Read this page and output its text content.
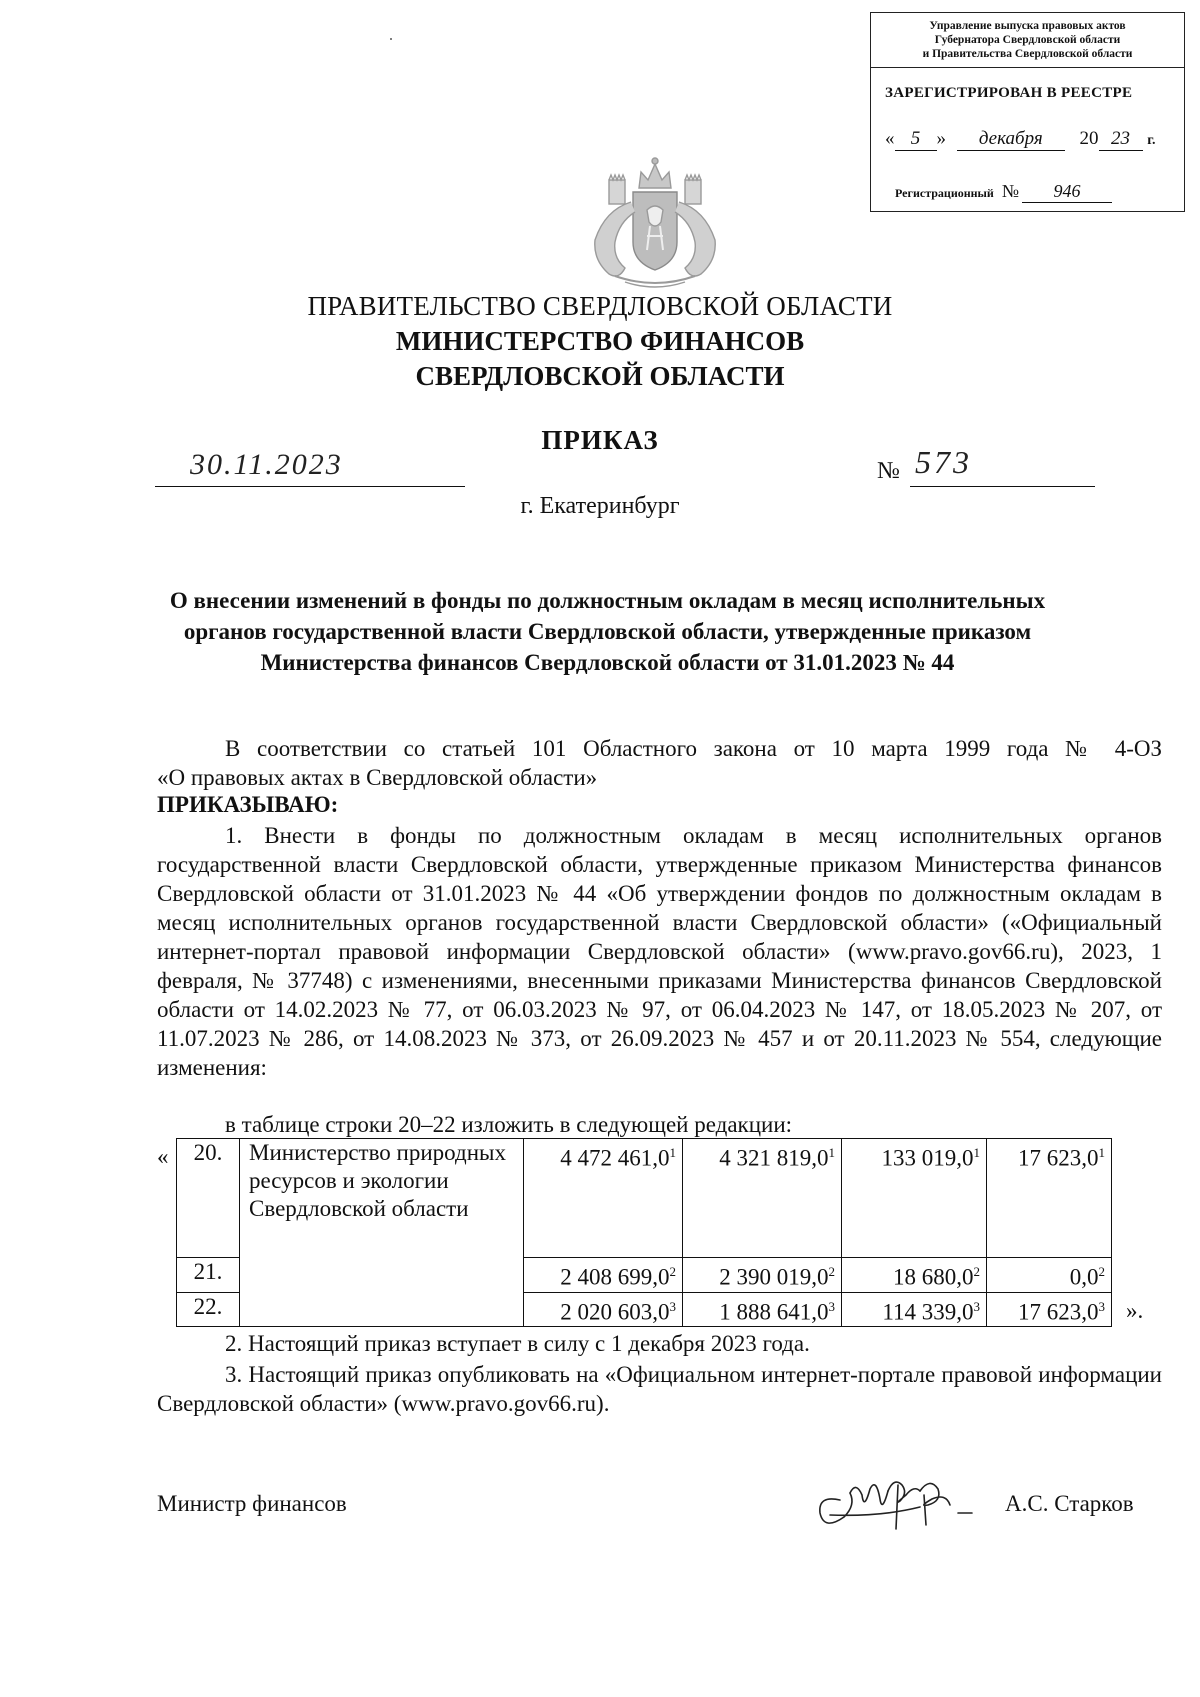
Управление выпуска правовых актов
Губернатора Свердловской области
и Правительства Свердловской области
ЗАРЕГИСТРИРОВАН В РЕЕСТРЕ
« 5 » декабря 20 23 г.
Регистрационный № 946
ПРАВИТЕЛЬСТВО СВЕРДЛОВСКОЙ ОБЛАСТИ
МИНИСТЕРСТВО ФИНАНСОВ
СВЕРДЛОВСКОЙ ОБЛАСТИ
ПРИКАЗ
30.11.2023	№ 573
г. Екатеринбург
О внесении изменений в фонды по должностным окладам в месяц исполнительных органов государственной власти Свердловской области, утвержденные приказом Министерства финансов Свердловской области от 31.01.2023 № 44

В соответствии со статьей 101 Областного закона от 10 марта 1999 года № 4-ОЗ

«О правовых актах в Свердловской области»

ПРИКАЗЫВАЮ:

1. Внести в фонды по должностным окладам в месяц исполнительных органов государственной власти Свердловской области, утвержденные приказом Министерства финансов Свердловской области от 31.01.2023 № 44 «Об утверждении фондов по должностным окладам в месяц исполнительных органов государственной власти Свердловской области» («Официальный интернет-портал правовой информации Свердловской области» (www.pravo.gov66.ru), 2023, 1 февраля, № 37748) с изменениями, внесенными приказами Министерства финансов Свердловской области от 14.02.2023 № 77, от 06.03.2023 № 97, от 06.04.2023 № 147, от 18.05.2023 № 207, от 11.07.2023 № 286, от 14.08.2023 № 373, от 26.09.2023 № 457 и от 20.11.2023 № 554, следующие изменения:

в таблице строки 20–22 изложить в следующей редакции:
« 20.	Министерство природных ресурсов и экологии Свердловской области	4 472 461,0$^1$	4 321 819,0$^1$	133 019,0$^1$	17 623,0$^1$
21.		2 408 699,0$^2$	2 390 019,0$^2$	18 680,0$^2$	$0,0^2$
22.		2 020 603,0$^3$	1 888 641,0$^3$	114 339,0$^3$	17 623,0$^3$ ».
2. Настоящий приказ вступает в силу с 1 декабря 2023 года.

3. Настоящий приказ опубликовать на «Официальном интернет-портале правовой информации Свердловской области» (www.pravo.gov66.ru).

Министр финансов	А.С. Старков
